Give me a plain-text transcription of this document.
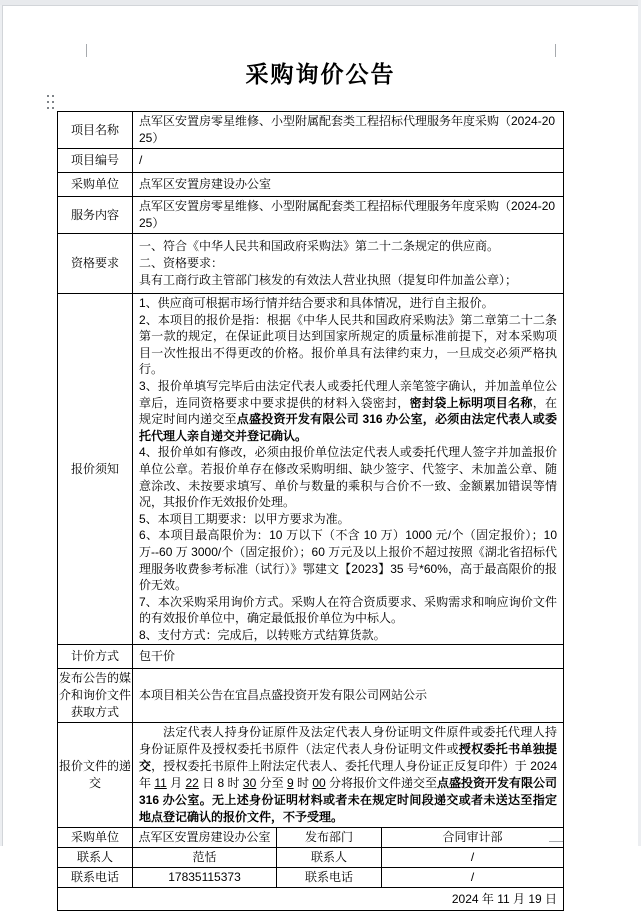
采购询价公告
项目名称	点军区安置房零星维修、小型附属配套类工程招标代理服务年度采购（2024-2025）		
项目编号	/		
采购单位	点军区安置房建设办公室		
服务内容	点军区安置房零星维修、小型附属配套类工程招标代理服务年度采购（2024-2025）		
资格要求	一、符合《中华人民共和国政府采购法》第二十二条规定的供应商。
二、资格要求：
具有工商行政主管部门核发的有效法人营业执照（提复印件加盖公章）；		

报价须知	
1、供应商可根据市场行情并结合要求和具体情况，进行自主报价。
2、本项目的报价是指：根据《中华人民共和国政府采购法》第二章第二十二条第一款的规定，在保证此项目达到国家所规定的质量标准前提下，对本采购项目一次性报出不得更改的价格。报价单具有法律约束力，一旦成交必须严格执行。
3、报价单填写完毕后由法定代表人或委托代理人亲笔签字确认，并加盖单位公章后，连同资格要求中要求提供的材料入袋密封，密封袋上标明项目名称，在规定时间内递交至点盛投资开发有限公司 316 办公室，必须由法定代表人或委托代理人亲自递交并登记确认。
4、报价单如有修改，必须由报价单位法定代表人或委托代理人签字并加盖报价单位公章。若报价单存在修改采购明细、缺少签字、代签字、未加盖公章、随意涂改、未按要求填写、单价与数量的乘积与合价不一致、金额累加错误等情况，其报价作无效报价处理。
5、本项目工期要求：以甲方要求为准。
6、本项目最高限价为：10 万以下（不含 10 万）1000 元/个（固定报价）；10 万--60 万 3000/个（固定报价）；60 万元及以上报价不超过按照《湖北省招标代理服务收费参考标准（试行）》鄂建文【2023】35 号*60%，高于最高限价的报价无效。
7、本次采购采用询价方式。采购人在符合资质要求、采购需求和响应询价文件的有效报价单位中，确定最低报价单位为中标人。
8、支付方式：完成后，以转账方式结算货款。

计价方式	包干价		
发布公告的媒介和询价文件获取方式	本项目相关公告在宜昌点盛投资开发有限公司网站公示		
报价文件的递交	法定代表人持身份证原件及法定代表人身份证明文件原件或委托代理人持身份证原件及授权委托书原件（法定代表人身份证明文件或授权委托书单独提交，授权委托书原件上附法定代表人、委托代理人身份证正反复印件）于 2024 年 11 月 22 日 8 时 30 分至 9 时 00 分将报价文件递交至点盛投资开发有限公司 316 办公室。无上述身份证明材料或者未在规定时间段递交或者未送达至指定地点登记确认的报价文件，不予受理。		

采购单位	点军区安置房建设办公室	发布部门	合同审计部
联系人	范恬	联系人	/
联系电话	17835115373	联系电话	/
2024 年 11 月 19 日			
